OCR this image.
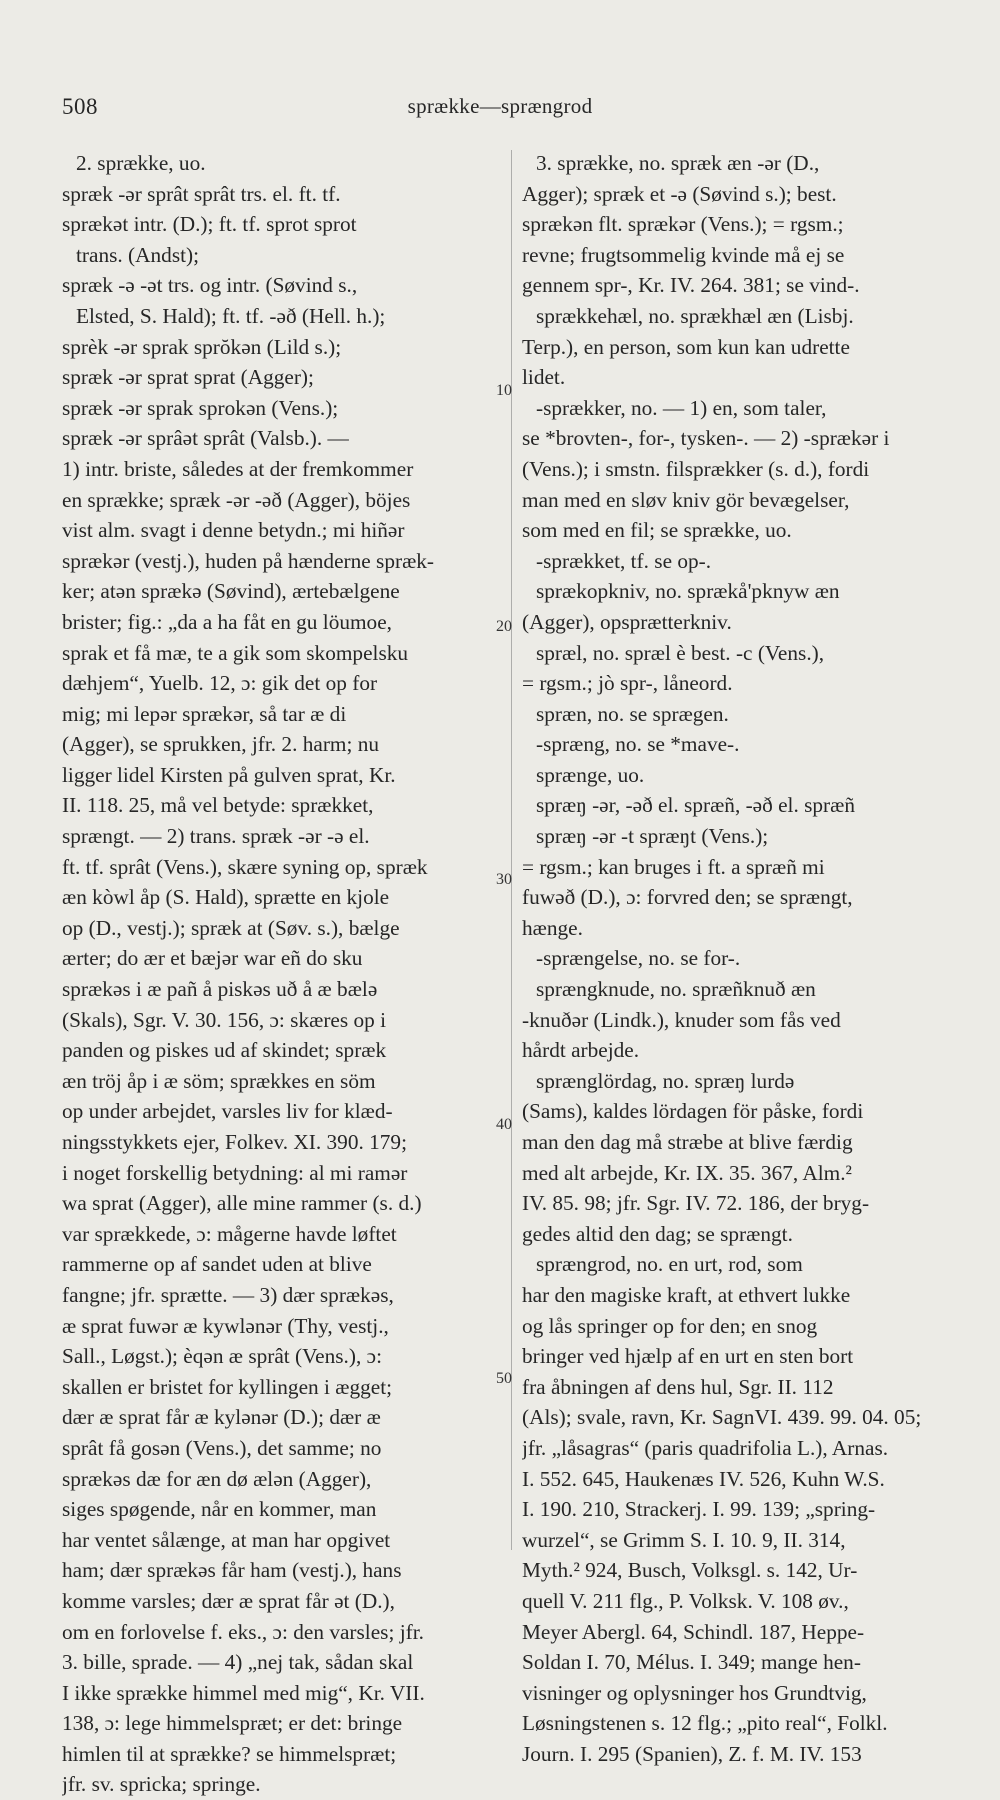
508	sprække—sprængrod
10
20
30
40
50
2. sprække, uo.
spræk -ər sprât sprât trs. el. ft. tf.
sprækət intr. (D.); ft. tf. sprot sprot
trans. (Andst);
spræk -ə -ət trs. og intr. (Søvind s.,
Elsted, S. Hald); ft. tf. -əð (Hell. h.);
sprèk -ər sprak sprŏkən (Lild s.);
spræk -ər sprat sprat (Agger);
spræk -ər sprak sprokən (Vens.);
spræk -ər sprâət sprât (Valsb.). —
1) intr. briste, således at der fremkommer
en sprække; spræk -ər -əð (Agger), böjes
vist alm. svagt i denne betydn.; mi hiñər
sprækər (vestj.), huden på hænderne spræk-
ker; atən sprækə (Søvind), ærtebælgene
brister; fig.: „da a ha fåt en gu löumoe,
sprak et få mæ, te a gik som skompelsku
dæhjem“, Yuelb. 12, ɔ: gik det op for
mig; mi lepər sprækər, så tar æ di
(Agger), se sprukken, jfr. 2. harm; nu
ligger lidel Kirsten på gulven sprat, Kr.
II. 118. 25, må vel betyde: sprækket,
sprængt. — 2) trans. spræk -ər -ə el.
ft. tf. sprât (Vens.), skære syning op, spræk
æn kòwl åp (S. Hald), sprætte en kjole
op (D., vestj.); spræk at (Søv. s.), bælge
ærter; do ær et bæjər war eñ do sku
sprækəs i æ pañ å piskəs uð å æ bælə
(Skals), Sgr. V. 30. 156, ɔ: skæres op i
panden og piskes ud af skindet; spræk
æn tröj åp i æ söm; sprækkes en söm
op under arbejdet, varsles liv for klæd-
ningsstykkets ejer, Folkev. XI. 390. 179;
i noget forskellig betydning: al mi ramər
wa sprat (Agger), alle mine rammer (s. d.)
var sprækkede, ɔ: mågerne havde løftet
rammerne op af sandet uden at blive
fangne; jfr. sprætte. — 3) dær sprækəs,
æ sprat fuwər æ kywlənər (Thy, vestj.,
Sall., Løgst.); èqən æ sprât (Vens.), ɔ:
skallen er bristet for kyllingen i ægget;
dær æ sprat får æ kylənər (D.); dær æ
sprât få gosən (Vens.), det samme; no
sprækəs dæ for æn dø ælən (Agger),
siges spøgende, når en kommer, man
har ventet sålænge, at man har opgivet
ham; dær sprækəs får ham (vestj.), hans
komme varsles; dær æ sprat får ət (D.),
om en forlovelse f. eks., ɔ: den varsles; jfr.
3. bille, sprade. — 4) „nej tak, sådan skal
I ikke sprække himmel med mig“, Kr. VII.
138, ɔ: lege himmelspræt; er det: bringe
himlen til at sprække? se himmelspræt;
jfr. sv. spricka; springe.
3. sprække, no. spræk æn -ər (D.,
Agger); spræk et -ə (Søvind s.); best.
sprækən flt. sprækər (Vens.); = rgsm.;
revne; frugtsommelig kvinde må ej se
gennem spr-, Kr. IV. 264. 381; se vind-.
sprækkehæl, no. sprækhæl æn (Lisbj.
Terp.), en person, som kun kan udrette
lidet.
-sprækker, no. — 1) en, som taler,
se *brovten-, for-, tysken-. — 2) -sprækər i
(Vens.); i smstn. filsprækker (s. d.), fordi
man med en sløv kniv gör bevægelser,
som med en fil; se sprække, uo.
-sprækket, tf. se op-.
sprækopkniv, no. sprækå'pknyw æn
(Agger), opsprætterkniv.
spræl, no. spræl è best. -c (Vens.),
= rgsm.; jò spr-, låneord.
spræn, no. se sprægen.
-spræng, no. se *mave-.
sprænge, uo.
spræŋ -ər, -əð el. spræñ, -əð el. spræñ
spræŋ -ər -t spræŋt (Vens.);
= rgsm.; kan bruges i ft. a spræñ mi
fuwəð (D.), ɔ: forvred den; se sprængt,
hænge.
-sprængelse, no. se for-.
sprængknude, no. spræñknuð æn
-knuðər (Lindk.), knuder som fås ved
hårdt arbejde.
sprænglördag, no. spræŋ lurdə
(Sams), kaldes lördagen för påske, fordi
man den dag må stræbe at blive færdig
med alt arbejde, Kr. IX. 35. 367, Alm.²
IV. 85. 98; jfr. Sgr. IV. 72. 186, der bryg-
gedes altid den dag; se sprængt.
sprængrod, no. en urt, rod, som
har den magiske kraft, at ethvert lukke
og lås springer op for den; en snog
bringer ved hjælp af en urt en sten bort
fra åbningen af dens hul, Sgr. II. 112
(Als); svale, ravn, Kr. SagnVI. 439. 99. 04. 05;
jfr. „låsagras“ (paris quadrifolia L.), Arnas.
I. 552. 645, Haukenæs IV. 526, Kuhn W.S.
I. 190. 210, Strackerj. I. 99. 139; „spring-
wurzel“, se Grimm S. I. 10. 9, II. 314,
Myth.² 924, Busch, Volksgl. s. 142, Ur-
quell V. 211 flg., P. Volksk. V. 108 øv.,
Meyer Abergl. 64, Schindl. 187, Heppe-
Soldan I. 70, Mélus. I. 349; mange hen-
visninger og oplysninger hos Grundtvig,
Løsningstenen s. 12 flg.; „pito real“, Folkl.
Journ. I. 295 (Spanien), Z. f. M. IV. 153
